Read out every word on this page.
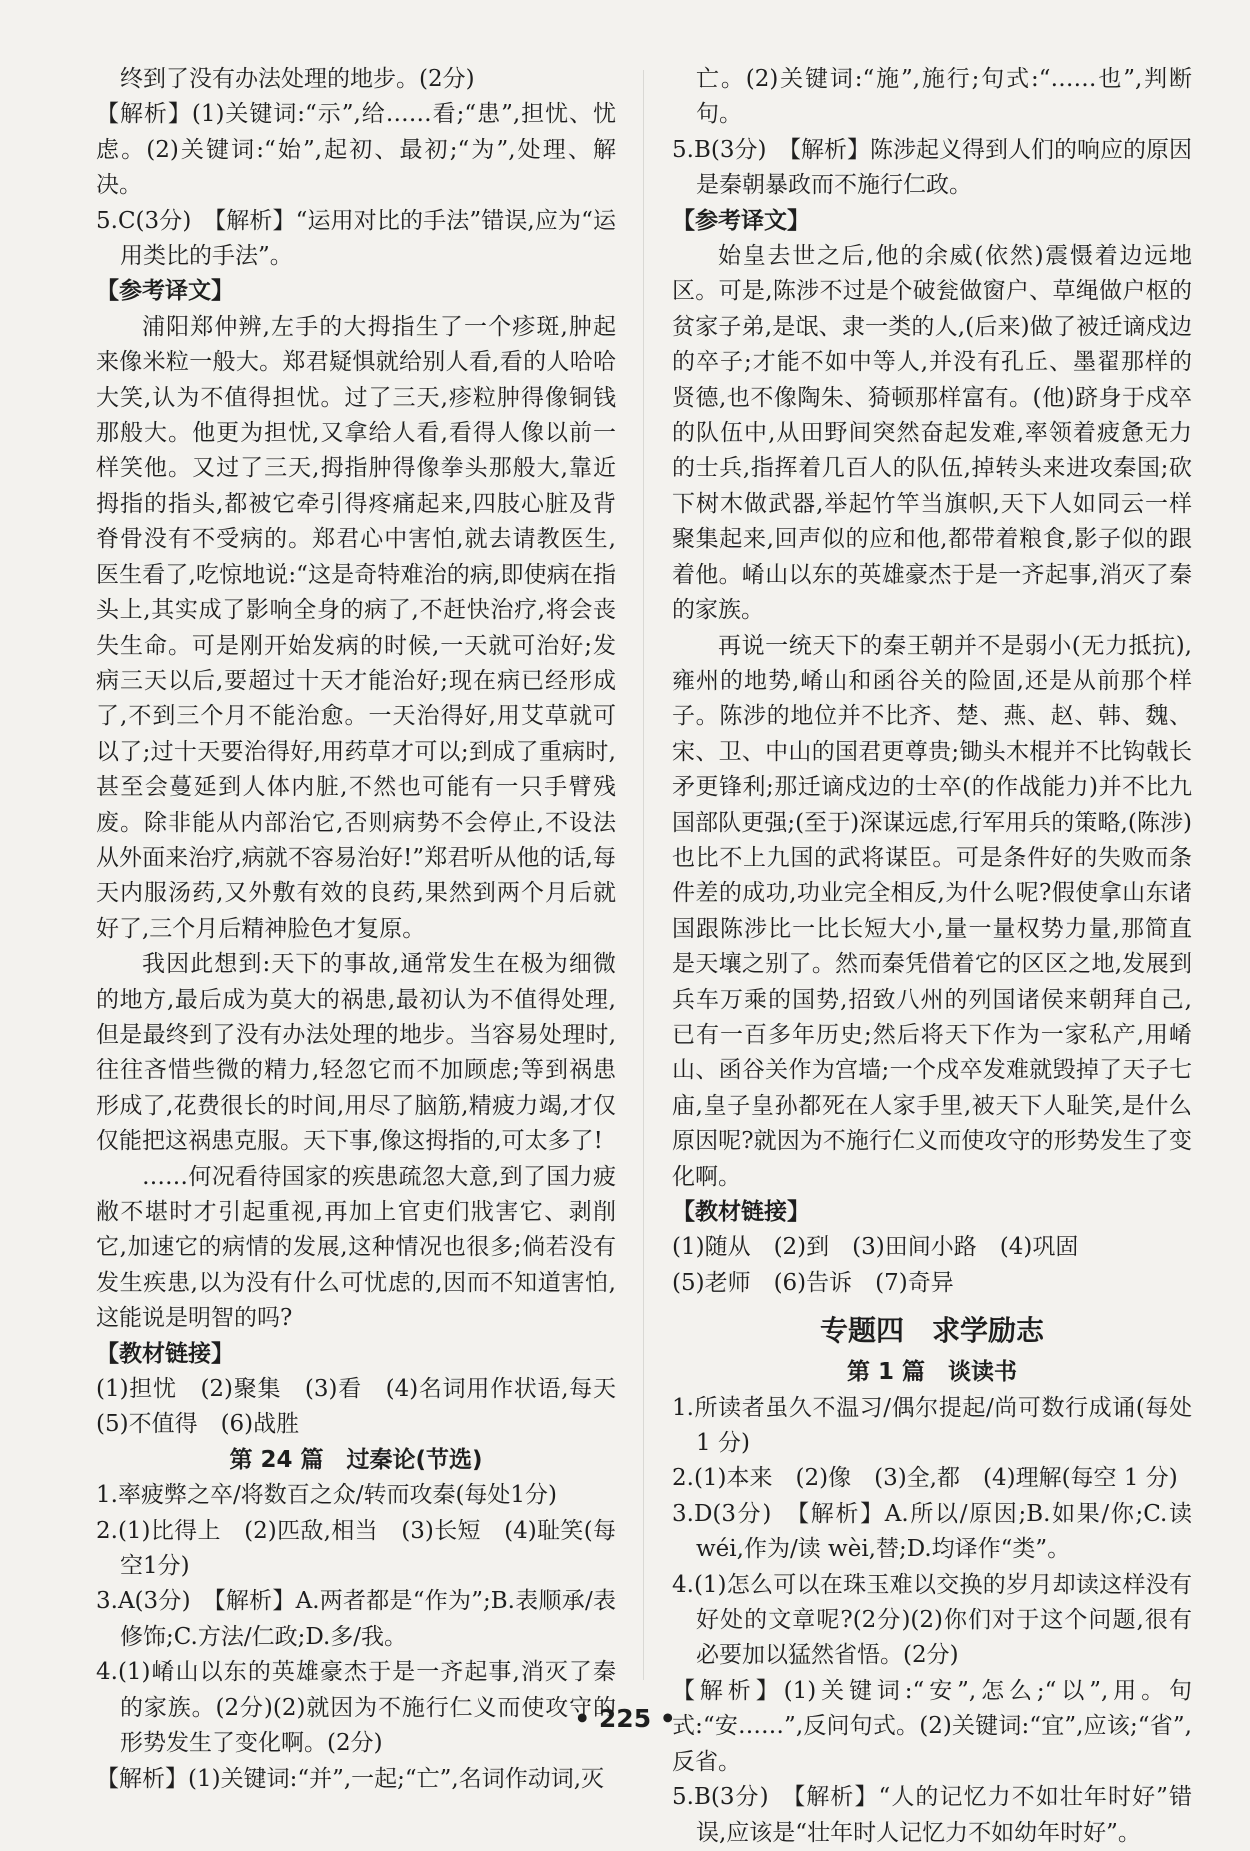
终到了没有办法处理的地步。(2分)

【解析】(1)关键词:“示”,给……看;“患”,担忧、忧虑。(2)关键词:“始”,起初、最初;“为”,处理、解决。

5.C(3分)　【解析】“运用对比的手法”错误,应为“运用类比的手法”。

【参考译文】

浦阳郑仲辨,左手的大拇指生了一个疹斑,肿起来像米粒一般大。郑君疑惧就给别人看,看的人哈哈大笑,认为不值得担忧。过了三天,疹粒肿得像铜钱那般大。他更为担忧,又拿给人看,看得人像以前一样笑他。又过了三天,拇指肿得像拳头那般大,靠近拇指的指头,都被它牵引得疼痛起来,四肢心脏及背脊骨没有不受病的。郑君心中害怕,就去请教医生,医生看了,吃惊地说:“这是奇特难治的病,即使病在指头上,其实成了影响全身的病了,不赶快治疗,将会丧失生命。可是刚开始发病的时候,一天就可治好;发病三天以后,要超过十天才能治好;现在病已经形成了,不到三个月不能治愈。一天治得好,用艾草就可以了;过十天要治得好,用药草才可以;到成了重病时,甚至会蔓延到人体内脏,不然也可能有一只手臂残废。除非能从内部治它,否则病势不会停止,不设法从外面来治疗,病就不容易治好!”郑君听从他的话,每天内服汤药,又外敷有效的良药,果然到两个月后就好了,三个月后精神脸色才复原。

我因此想到:天下的事故,通常发生在极为细微的地方,最后成为莫大的祸患,最初认为不值得处理,但是最终到了没有办法处理的地步。当容易处理时,往往吝惜些微的精力,轻忽它而不加顾虑;等到祸患形成了,花费很长的时间,用尽了脑筋,精疲力竭,才仅仅能把这祸患克服。天下事,像这拇指的,可太多了!

……何况看待国家的疾患疏忽大意,到了国力疲敝不堪时才引起重视,再加上官吏们戕害它、剥削它,加速它的病情的发展,这种情况也很多;倘若没有发生疾患,以为没有什么可忧虑的,因而不知道害怕,这能说是明智的吗?

【教材链接】

(1)担忧　(2)聚集　(3)看　(4)名词用作状语,每天　(5)不值得　(6)战胜

第 24 篇　过秦论(节选)

1.率疲弊之卒/将数百之众/转而攻秦(每处1分)

2.(1)比得上　(2)匹敌,相当　(3)长短　(4)耻笑(每空1分)

3.A(3分)　【解析】A.两者都是“作为”;B.表顺承/表修饰;C.方法/仁政;D.多/我。

4.(1)崤山以东的英雄豪杰于是一齐起事,消灭了秦的家族。(2分)(2)就因为不施行仁义而使攻守的形势发生了变化啊。(2分)

【解析】(1)关键词:“并”,一起;“亡”,名词作动词,灭

亡。(2)关键词:“施”,施行;句式:“……也”,判断句。

5.B(3分)　【解析】陈涉起义得到人们的响应的原因是秦朝暴政而不施行仁政。

【参考译文】

始皇去世之后,他的余威(依然)震慑着边远地区。可是,陈涉不过是个破瓮做窗户、草绳做户枢的贫家子弟,是氓、隶一类的人,(后来)做了被迁谪戍边的卒子;才能不如中等人,并没有孔丘、墨翟那样的贤德,也不像陶朱、猗顿那样富有。(他)跻身于戍卒的队伍中,从田野间突然奋起发难,率领着疲惫无力的士兵,指挥着几百人的队伍,掉转头来进攻秦国;砍下树木做武器,举起竹竿当旗帜,天下人如同云一样聚集起来,回声似的应和他,都带着粮食,影子似的跟着他。崤山以东的英雄豪杰于是一齐起事,消灭了秦的家族。

再说一统天下的秦王朝并不是弱小(无力抵抗),雍州的地势,崤山和函谷关的险固,还是从前那个样子。陈涉的地位并不比齐、楚、燕、赵、韩、魏、宋、卫、中山的国君更尊贵;锄头木棍并不比钩戟长矛更锋利;那迁谪戍边的士卒(的作战能力)并不比九国部队更强;(至于)深谋远虑,行军用兵的策略,(陈涉)也比不上九国的武将谋臣。可是条件好的失败而条件差的成功,功业完全相反,为什么呢?假使拿山东诸国跟陈涉比一比长短大小,量一量权势力量,那简直是天壤之别了。然而秦凭借着它的区区之地,发展到兵车万乘的国势,招致八州的列国诸侯来朝拜自己,已有一百多年历史;然后将天下作为一家私产,用崤山、函谷关作为宫墙;一个戍卒发难就毁掉了天子七庙,皇子皇孙都死在人家手里,被天下人耻笑,是什么原因呢?就因为不施行仁义而使攻守的形势发生了变化啊。

【教材链接】

(1)随从　(2)到　(3)田间小路　(4)巩固

(5)老师　(6)告诉　(7)奇异

专题四　求学励志

第 1 篇　谈读书

1.所读者虽久不温习/偶尔提起/尚可数行成诵(每处 1 分)

2.(1)本来　(2)像　(3)全,都　(4)理解(每空 1 分)

3.D(3分)　【解析】A.所以/原因;B.如果/你;C.读 wéi,作为/读 wèi,替;D.均译作“类”。

4.(1)怎么可以在珠玉难以交换的岁月却读这样没有好处的文章呢?(2分)(2)你们对于这个问题,很有必要加以猛然省悟。(2分)

【解析】(1)关键词:“安”,怎么;“以”,用。句式:“安……”,反问句式。(2)关键词:“宜”,应该;“省”,反省。

5.B(3分)　【解析】“人的记忆力不如壮年时好”错误,应该是“壮年时人记忆力不如幼年时好”。

• 225 •
